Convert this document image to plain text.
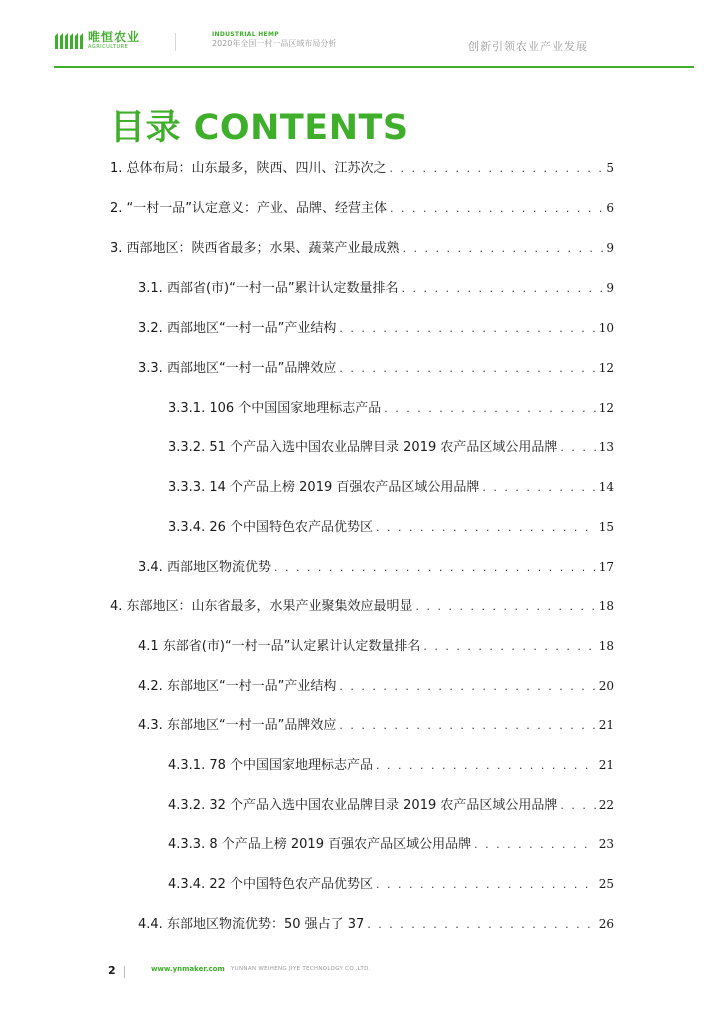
唯恒农业
AGRICULTURE
INDUSTRIAL HEMP
2020年全国一村一品区域布局分析	创新引领农业产业发展
目录 CONTENTS
1. 总体布局：山东最多，陕西、四川、江苏次之 . . .	5
2. “一村一品”认定意义：产业、品牌、经营主体 . . .	6
3. 西部地区：陕西省最多；水果、蔬菜产业最成熟 . . .	9
3.1. 西部省(市)“一村一品”累计认定数量排名 . . .	9
3.2. 西部地区“一村一品”产业结构 . . .	10
3.3. 西部地区“一村一品”品牌效应 . . .	12
3.3.1. 106 个中国国家地理标志产品 . . .	12
3.3.2. 51 个产品入选中国农业品牌目录 2019 农产品区域公用品牌 . . .	13
3.3.3. 14 个产品上榜 2019 百强农产品区域公用品牌 . . .	14
3.3.4. 26 个中国特色农产品优势区 . . .	15
3.4. 西部地区物流优势 . . .	17
4. 东部地区：山东省最多，水果产业聚集效应最明显 . . .	18
4.1 东部省(市)“一村一品”认定累计认定数量排名 . . .	18
4.2. 东部地区“一村一品”产业结构 . . .	20
4.3. 东部地区“一村一品”品牌效应 . . .	21
4.3.1. 78 个中国国家地理标志产品 . . .	21
4.3.2. 32 个产品入选中国农业品牌目录 2019 农产品区域公用品牌 . . .	22
4.3.3. 8 个产品上榜 2019 百强农产品区域公用品牌 . . .	23
4.3.4. 22 个中国特色农产品优势区 . . .	25
4.4. 东部地区物流优势：50 强占了 37 . . .	26
2	www.ynmaker.com YUNNAN WEIHENG JIYE TECHNOLOGY CO.,LTD.
